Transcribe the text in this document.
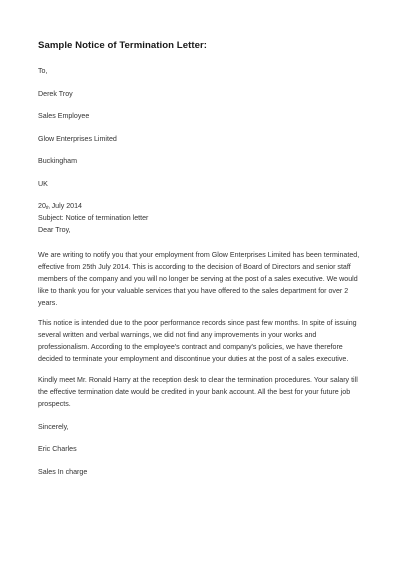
Sample Notice of Termination Letter:

To,

Derek Troy

Sales Employee

Glow Enterprises Limited

Buckingham

UK

20th July 2014

Subject: Notice of termination letter

Dear Troy,

We are writing to notify you that your employment from Glow Enterprises Limited has been terminated, effective from 25th July 2014. This is according to the decision of Board of Directors and senior staff members of the company and you will no longer be serving at the post of a sales executive. We would like to thank you for your valuable services that you have offered to the sales department for over 2 years.

This notice is intended due to the poor performance records since past few months. In spite of issuing several written and verbal warnings, we did not find any improvements in your works and professionalism. According to the employee's contract and company's policies, we have therefore decided to terminate your employment and discontinue your duties at the post of a sales executive.

Kindly meet Mr. Ronald Harry at the reception desk to clear the termination procedures. Your salary till the effective termination date would be credited in your bank account. All the best for your future job prospects.

Sincerely,

Eric Charles

Sales In charge
